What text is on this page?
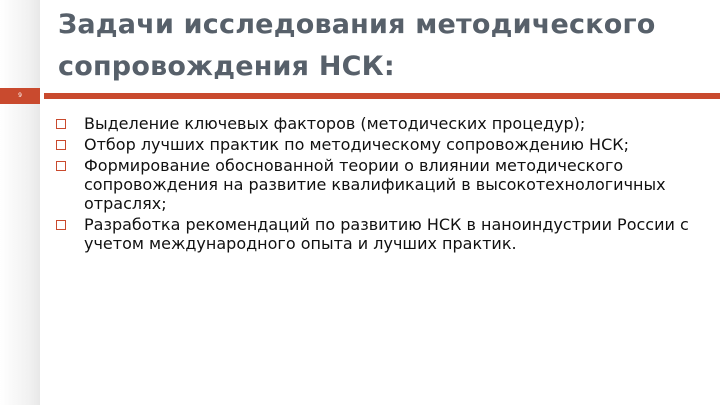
Задачи исследования методического сопровождения НСК:
9
Выделение ключевых факторов (методических процедур);
Отбор лучших практик по методическому сопровождению НСК;
Формирование обоснованной теории о влиянии методического сопровождения на развитие квалификаций в высокотехнологичных отраслях;
Разработка рекомендаций по развитию НСК в наноиндустрии России с учетом международного опыта и лучших практик.
